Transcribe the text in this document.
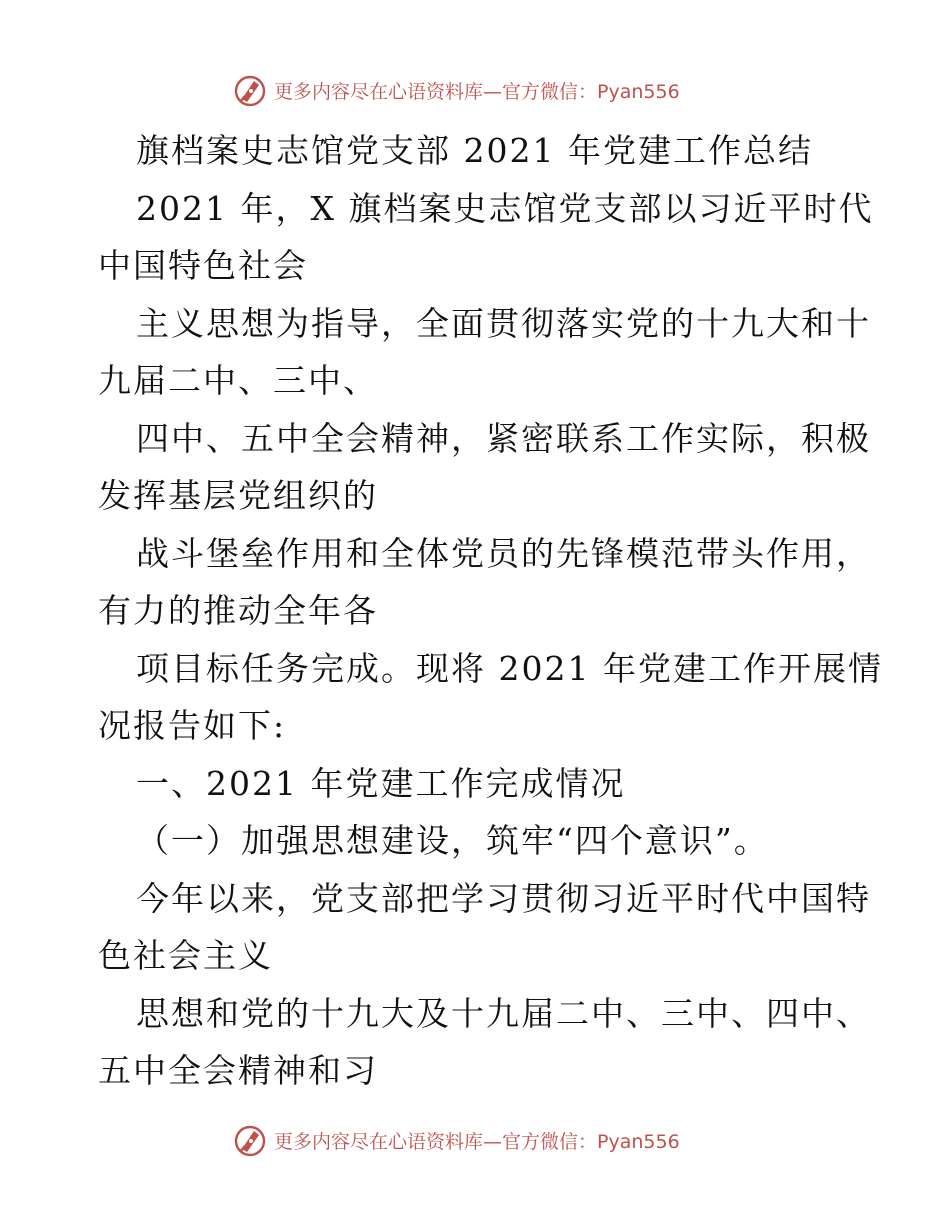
更多内容尽在心语资料库—官方微信：Pyan556
旗档案史志馆党支部 2021 年党建工作总结
2021 年，X 旗档案史志馆党支部以习近平时代
中国特色社会
主义思想为指导，全面贯彻落实党的十九大和十
九届二中、三中、
四中、五中全会精神，紧密联系工作实际，积极
发挥基层党组织的
战斗堡垒作用和全体党员的先锋模范带头作用，
有力的推动全年各
项目标任务完成。现将 2021 年党建工作开展情
况报告如下:
一、2021 年党建工作完成情况
（一）加强思想建设，筑牢“四个意识”。
今年以来，党支部把学习贯彻习近平时代中国特
色社会主义
思想和党的十九大及十九届二中、三中、四中、
五中全会精神和习
更多内容尽在心语资料库—官方微信：Pyan556
